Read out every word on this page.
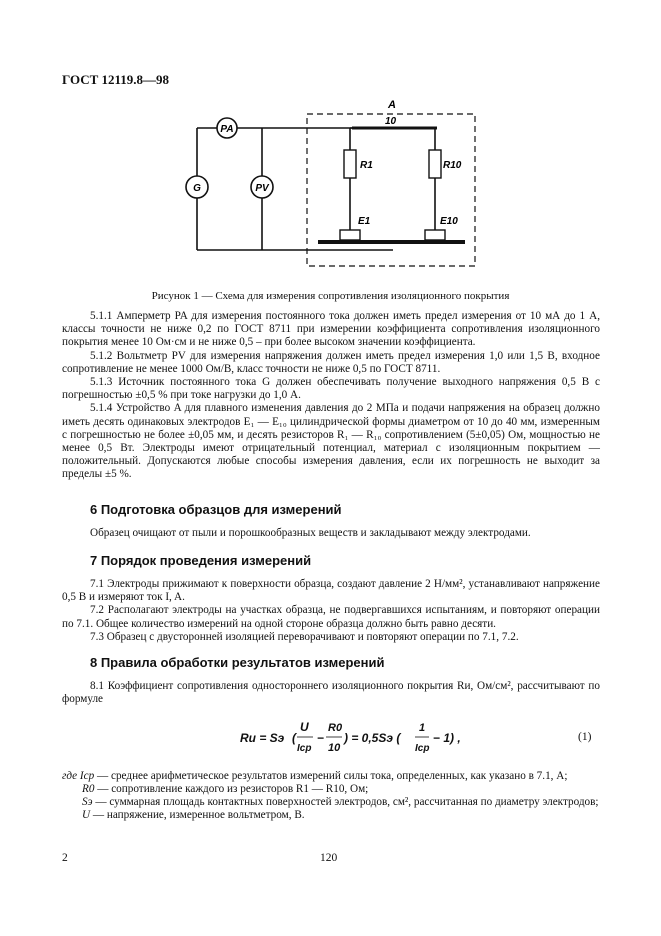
ГОСТ 12119.8—98
PA
PV
G
A
10
R1	R10
E1	E10
Рисунок 1 — Схема для измерения сопротивления изоляционного покрытия

5.1.1 Амперметр PA для измерения постоянного тока должен иметь предел измерения от 10 мА до 1 А, классы точности не ниже 0,2 по ГОСТ 8711 при измерении коэффициента сопротивления изоляционного покрытия менее 10 Ом·см и не ниже 0,5 – при более высоком значении коэффициента.

5.1.2 Вольтметр PV для измерения напряжения должен иметь предел измерения 1,0 или 1,5 В, входное сопротивление не менее 1000 Ом/В, класс точности не ниже 0,5 по ГОСТ 8711.

5.1.3 Источник постоянного тока G должен обеспечивать получение выходного напряжения 0,5 В с погрешностью ±0,5 % при токе нагрузки до 1,0 А.

5.1.4 Устройство A для плавного изменения давления до 2 МПа и подачи напряжения на образец должно иметь десять одинаковых электродов E₁ — E₁₀ цилиндрической формы диаметром от 10 до 40 мм, измеренным с погрешностью не более ±0,05 мм, и десять резисторов R₁ — R₁₀ сопротивлением (5±0,05) Ом, мощностью не менее 0,5 Вт. Электроды имеют отрицательный потенциал, материал с изоляционным покрытием — положительный. Допускаются любые способы измерения давления, если их погрешность не выходит за пределы ±5 %.

6 Подготовка образцов для измерений

Образец очищают от пыли и порошкообразных веществ и закладывают между электродами.

7 Порядок проведения измерений

7.1 Электроды прижимают к поверхности образца, создают давление 2 Н/мм², устанавливают напряжение 0,5 В и измеряют ток I, A.

7.2 Располагают электроды на участках образца, не подвергавшихся испытаниям, и повторяют операции по 7.1. Общее количество измерений на одной стороне образца должно быть равно десяти.

7.3 Образец с двусторонней изоляцией переворачивают и повторяют операции по 7.1, 7.2.

8 Правила обработки результатов измерений

8.1 Коэффициент сопротивления одностороннего изоляционного покрытия Rи, Ом/см², рассчитывают по формуле

Rи = Sэ (
U
Iср
−
R0
10
) = 0,5Sэ (
1
Iср
− 1) ,	(1)
где Iср — среднее арифметическое результатов измерений силы тока, определенных, как указано в 7.1, А;
R0 — сопротивление каждого из резисторов R1 — R10, Ом;
Sэ — суммарная площадь контактных поверхностей электродов, см², рассчитанная по диаметру электродов;
U — напряжение, измеренное вольтметром, В.
2	120
